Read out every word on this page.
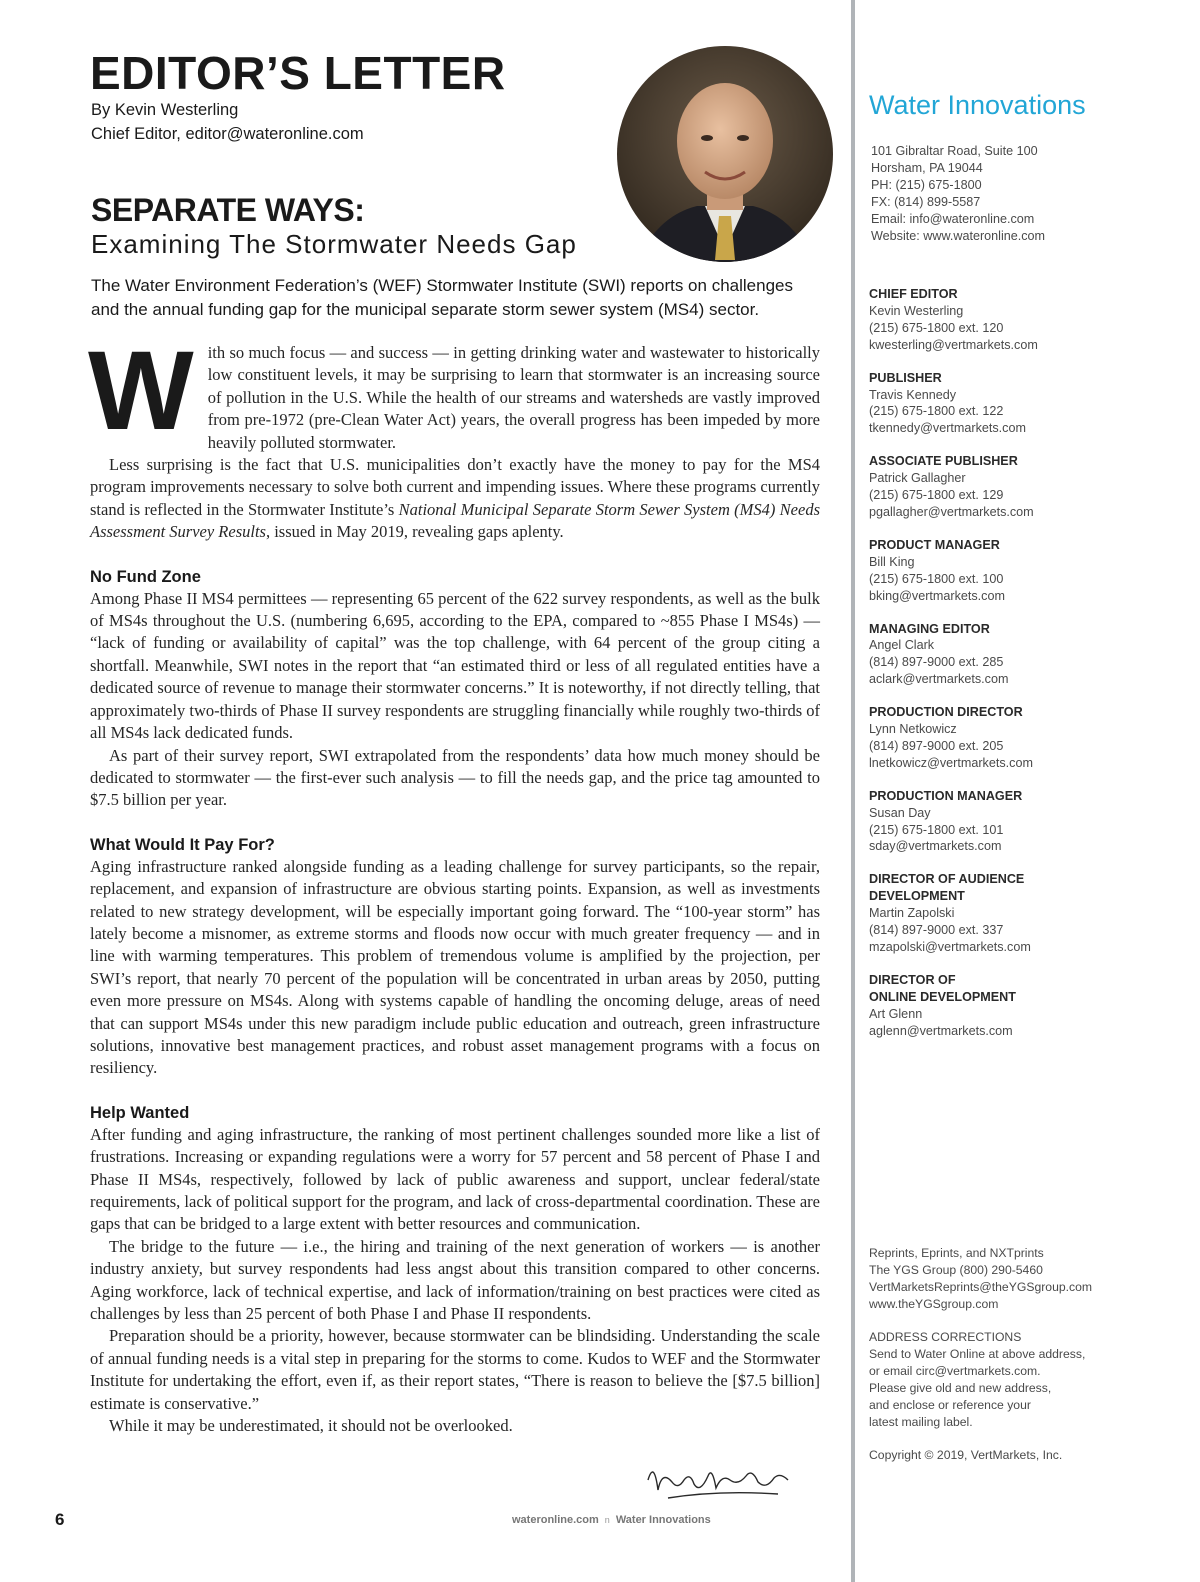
EDITOR’S LETTER
By Kevin Westerling
Chief Editor, editor@wateronline.com
SEPARATE WAYS:
Examining The Stormwater Needs Gap

The Water Environment Federation’s (WEF) Stormwater Institute (SWI) reports on challenges and the annual funding gap for the municipal separate storm sewer system (MS4) sector.

With so much focus — and success — in getting drinking water and wastewater to historically low constituent levels, it may be surprising to learn that stormwater is an increasing source of pollution in the U.S. While the health of our streams and watersheds are vastly improved from pre-1972 (pre-Clean Water Act) years, the overall progress has been impeded by more heavily polluted stormwater.

Less surprising is the fact that U.S. municipalities don’t exactly have the money to pay for the MS4 program improvements necessary to solve both current and impending issues. Where these programs currently stand is reflected in the Stormwater Institute’s National Municipal Separate Storm Sewer System (MS4) Needs Assessment Survey Results, issued in May 2019, revealing gaps aplenty.

No Fund Zone

Among Phase II MS4 permittees — representing 65 percent of the 622 survey respondents, as well as the bulk of MS4s throughout the U.S. (numbering 6,695, according to the EPA, compared to ~855 Phase I MS4s) — “lack of funding or availability of capital” was the top challenge, with 64 percent of the group citing a shortfall. Meanwhile, SWI notes in the report that “an estimated third or less of all regulated entities have a dedicated source of revenue to manage their stormwater concerns.” It is noteworthy, if not directly telling, that approximately two-thirds of Phase II survey respondents are struggling financially while roughly two-thirds of all MS4s lack dedicated funds.

As part of their survey report, SWI extrapolated from the respondents’ data how much money should be dedicated to stormwater — the first-ever such analysis — to fill the needs gap, and the price tag amounted to $7.5 billion per year.

What Would It Pay For?

Aging infrastructure ranked alongside funding as a leading challenge for survey participants, so the repair, replacement, and expansion of infrastructure are obvious starting points. Expansion, as well as investments related to new strategy development, will be especially important going forward. The “100-year storm” has lately become a misnomer, as extreme storms and floods now occur with much greater frequency — and in line with warming temperatures. This problem of tremendous volume is amplified by the projection, per SWI’s report, that nearly 70 percent of the population will be concentrated in urban areas by 2050, putting even more pressure on MS4s. Along with systems capable of handling the oncoming deluge, areas of need that can support MS4s under this new paradigm include public education and outreach, green infrastructure solutions, innovative best management practices, and robust asset management programs with a focus on resiliency.

Help Wanted

After funding and aging infrastructure, the ranking of most pertinent challenges sounded more like a list of frustrations. Increasing or expanding regulations were a worry for 57 percent and 58 percent of Phase I and Phase II MS4s, respectively, followed by lack of public awareness and support, unclear federal/state requirements, lack of political support for the program, and lack of cross-departmental coordination. These are gaps that can be bridged to a large extent with better resources and communication.

The bridge to the future — i.e., the hiring and training of the next generation of workers — is another industry anxiety, but survey respondents had less angst about this transition compared to other concerns. Aging workforce, lack of technical expertise, and lack of information/training on best practices were cited as challenges by less than 25 percent of both Phase I and Phase II respondents.

Preparation should be a priority, however, because stormwater can be blindsiding. Understanding the scale of annual funding needs is a vital step in preparing for the storms to come. Kudos to WEF and the Stormwater Institute for undertaking the effort, even if, as their report states, “There is reason to believe the [$7.5 billion] estimate is conservative.”

While it may be underestimated, it should not be overlooked.

6	wateronline.com n Water Innovations
Water Innovations
101 Gibraltar Road, Suite 100
Horsham, PA 19044
PH: (215) 675-1800
FX: (814) 899-5587
Email: info@wateronline.com
Website: www.wateronline.com
CHIEF EDITOR
Kevin Westerling
(215) 675-1800 ext. 120
kwesterling@vertmarkets.com
PUBLISHER
Travis Kennedy
(215) 675-1800 ext. 122
tkennedy@vertmarkets.com
ASSOCIATE PUBLISHER
Patrick Gallagher
(215) 675-1800 ext. 129
pgallagher@vertmarkets.com
PRODUCT MANAGER
Bill King
(215) 675-1800 ext. 100
bking@vertmarkets.com
MANAGING EDITOR
Angel Clark
(814) 897-9000 ext. 285
aclark@vertmarkets.com
PRODUCTION DIRECTOR
Lynn Netkowicz
(814) 897-9000 ext. 205
lnetkowicz@vertmarkets.com
PRODUCTION MANAGER
Susan Day
(215) 675-1800 ext. 101
sday@vertmarkets.com
DIRECTOR OF AUDIENCE
DEVELOPMENT
Martin Zapolski
(814) 897-9000 ext. 337
mzapolski@vertmarkets.com
DIRECTOR OF
ONLINE DEVELOPMENT
Art Glenn
aglenn@vertmarkets.com
Reprints, Eprints, and NXTprints
The YGS Group (800) 290-5460
VertMarketsReprints@theYGSgroup.com
www.theYGSgroup.com
ADDRESS CORRECTIONS
Send to Water Online at above address,
or email circ@vertmarkets.com.
Please give old and new address,
and enclose or reference your
latest mailing label.
Copyright © 2019, VertMarkets, Inc.
